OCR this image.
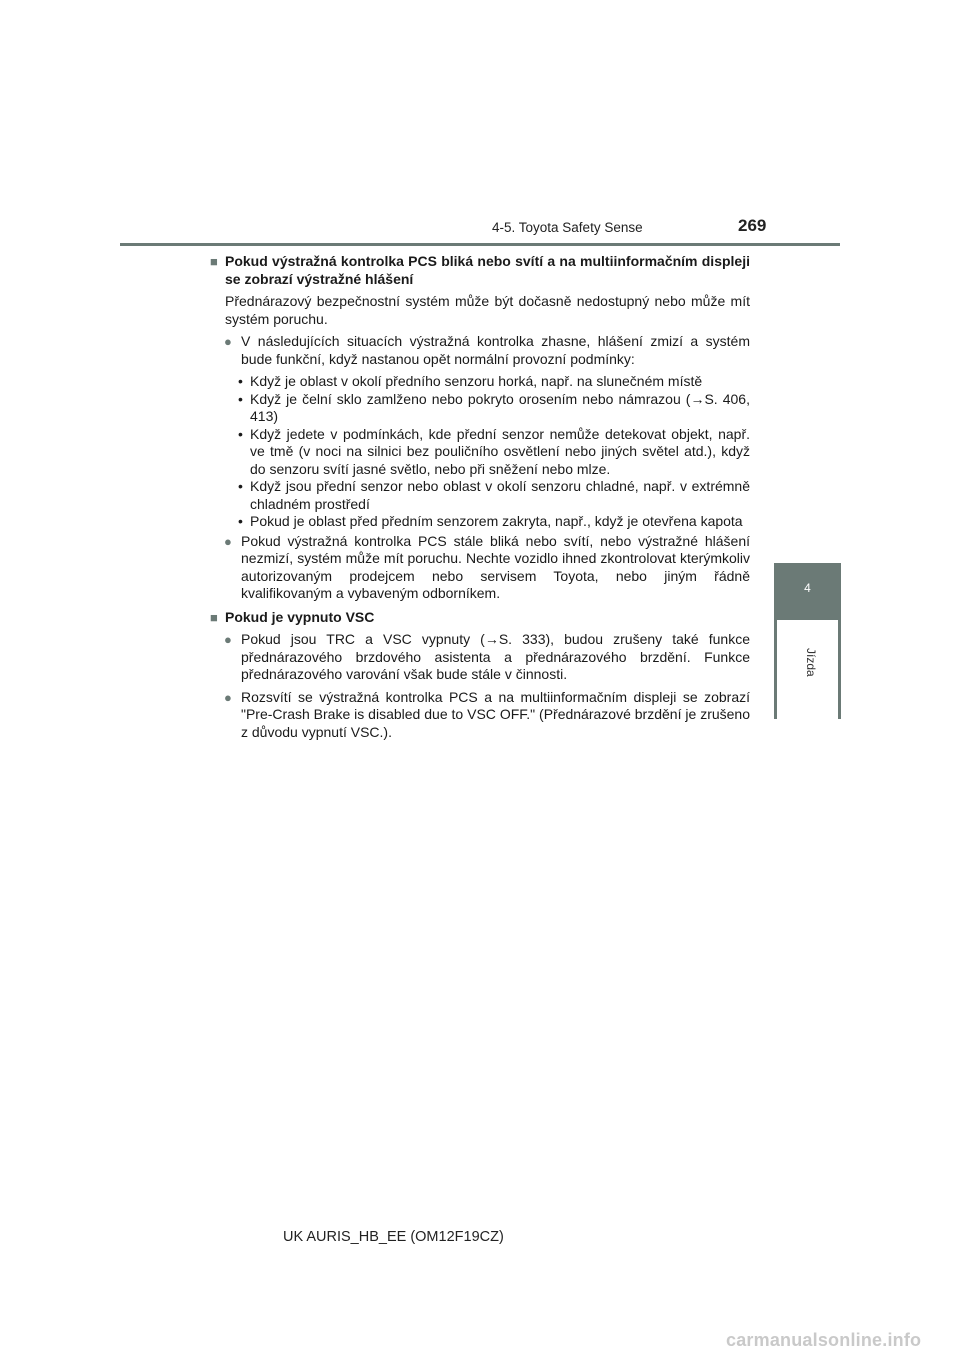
4-5. Toyota Safety Sense	269
4
Jízda
■ Pokud výstražná kontrolka PCS bliká nebo svítí a na multiinformačním displeji se zobrazí výstražné hlášení
Přednárazový bezpečnostní systém může být dočasně nedostupný nebo může mít systém poruchu.
● V následujících situacích výstražná kontrolka zhasne, hlášení zmizí a systém bude funkční, když nastanou opět normální provozní podmínky:
• Když je oblast v okolí předního senzoru horká, např. na slunečném místě
• Když je čelní sklo zamlženo nebo pokryto orosením nebo námrazou (→S. 406, 413)
• Když jedete v podmínkách, kde přední senzor nemůže detekovat objekt, např. ve tmě (v noci na silnici bez pouličního osvětlení nebo jiných světel atd.), když do senzoru svítí jasné světlo, nebo při sněžení nebo mlze.
• Když jsou přední senzor nebo oblast v okolí senzoru chladné, např. v extrémně chladném prostředí
• Pokud je oblast před předním senzorem zakryta, např., když je otevřena kapota
● Pokud výstražná kontrolka PCS stále bliká nebo svítí, nebo výstražné hlášení nezmizí, systém může mít poruchu. Nechte vozidlo ihned zkontrolovat kterýmkoliv autorizovaným prodejcem nebo servisem Toyota, nebo jiným řádně kvalifikovaným a vybaveným odborníkem.
■ Pokud je vypnuto VSC
● Pokud jsou TRC a VSC vypnuty (→S. 333), budou zrušeny také funkce přednárazového brzdového asistenta a přednárazového brzdění. Funkce přednárazového varování však bude stále v činnosti.
● Rozsvítí se výstražná kontrolka PCS a na multiinformačním displeji se zobrazí "Pre-Crash Brake is disabled due to VSC OFF." (Přednárazové brzdění je zrušeno z důvodu vypnutí VSC.).
UK AURIS_HB_EE (OM12F19CZ)
carmanualsonline.info
